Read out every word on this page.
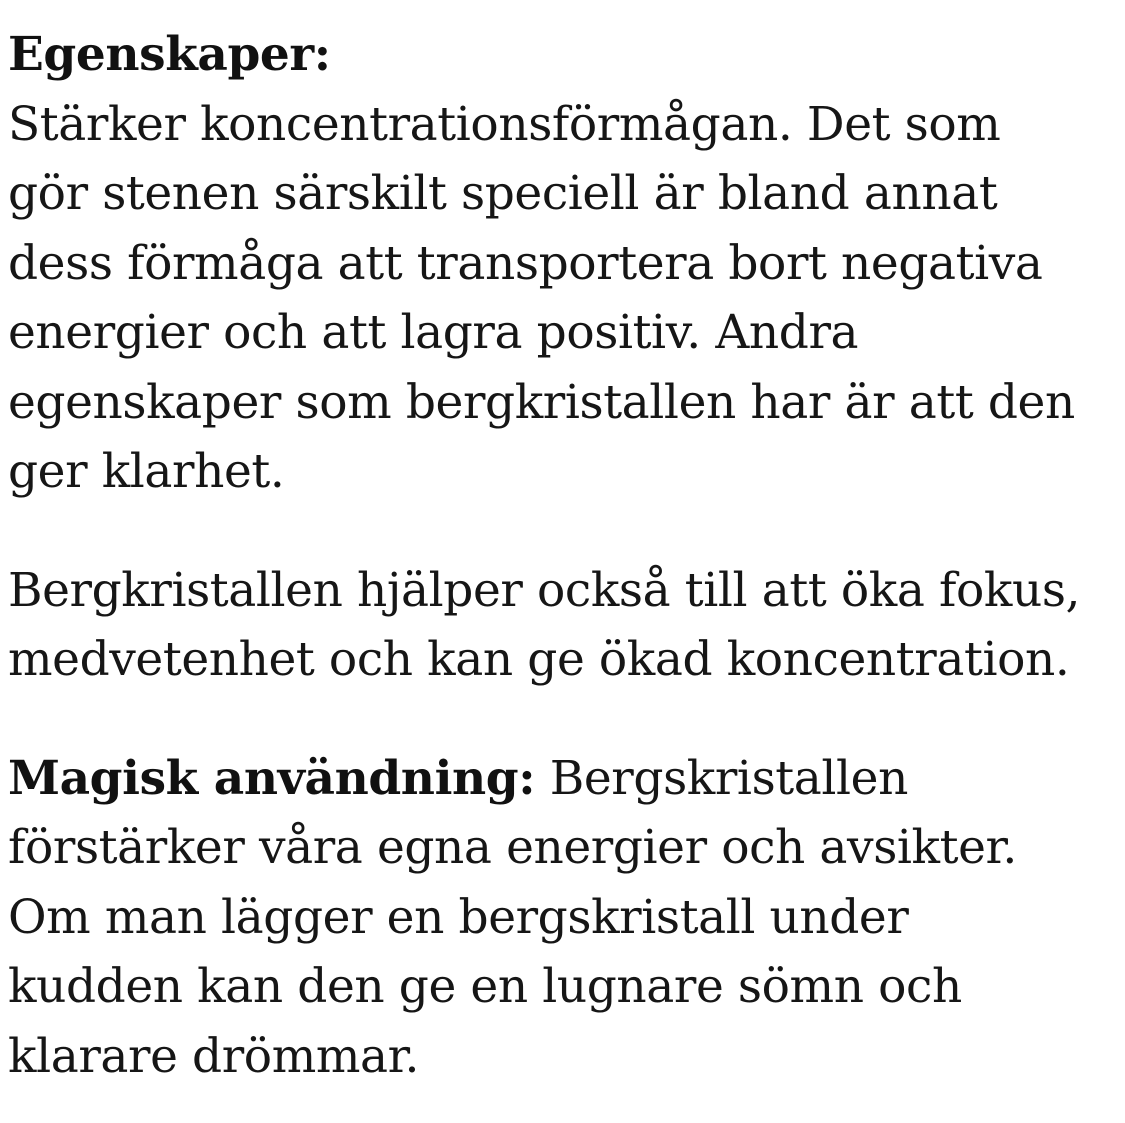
Egenskaper:
Stärker koncentrationsförmågan. Det som
gör stenen särskilt speciell är bland annat
dess förmåga att transportera bort negativa
energier och att lagra positiv. Andra
egenskaper som bergkristallen har är att den
ger klarhet.
Bergkristallen hjälper också till att öka fokus,
medvetenhet och kan ge ökad koncentration.
Magisk användning: Bergskristallen
förstärker våra egna energier och avsikter.
Om man lägger en bergskristall under
kudden kan den ge en lugnare sömn och
klarare drömmar.
